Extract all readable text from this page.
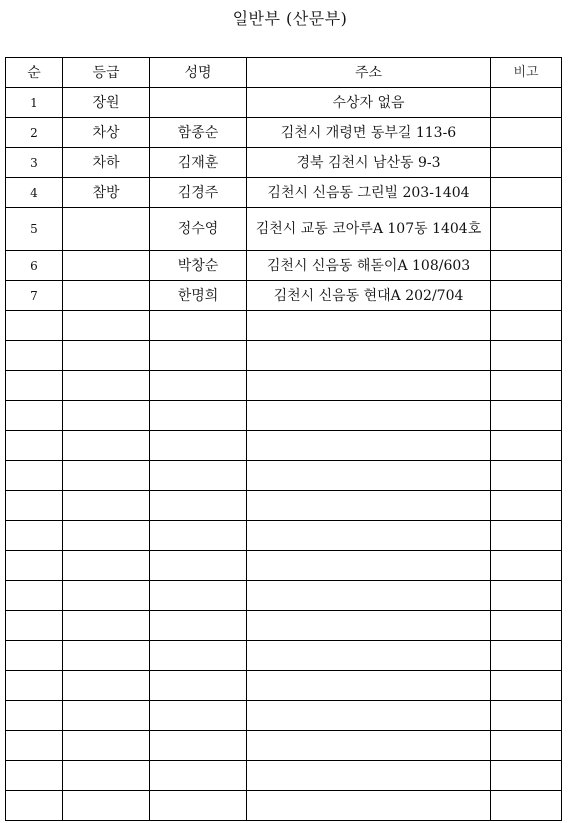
일반부 (산문부)
순	등급	성명	주소	비고
1	장원		수상자 없음	
2	차상	함종순	김천시 개령면 동부길 113-6	
3	차하	김재훈	경북 김천시 남산동 9-3	
4	참방	김경주	김천시 신음동 그린빌 203-1404	
5		정수영	김천시 교동 코아루A 107동 1404호	
6		박창순	김천시 신음동 해돋이A 108/603	
7		한명희	김천시 신음동 현대A 202/704	
